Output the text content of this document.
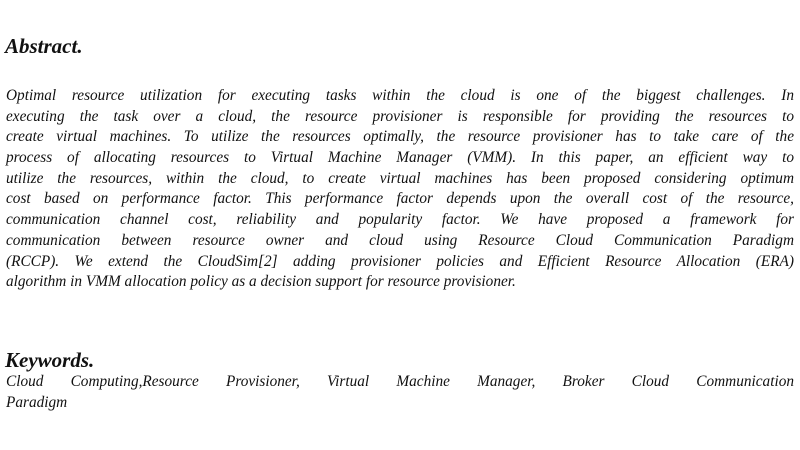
Abstract.
Optimal resource utilization for executing tasks within the cloud is one of the biggest challenges. In
executing the task over a cloud, the resource provisioner is responsible for providing the resources to
create virtual machines. To utilize the resources optimally, the resource provisioner has to take care of the
process of allocating resources to Virtual Machine Manager (VMM). In this paper, an efficient way to
utilize the resources, within the cloud, to create virtual machines has been proposed considering optimum
cost based on performance factor. This performance factor depends upon the overall cost of the resource,
communication channel cost, reliability and popularity factor. We have proposed a framework for
communication between resource owner and cloud using Resource Cloud Communication Paradigm
(RCCP). We extend the CloudSim[2] adding provisioner policies and Efficient Resource Allocation (ERA)
algorithm in VMM allocation policy as a decision support for resource provisioner.
Keywords.
Cloud Computing,Resource Provisioner, Virtual Machine Manager, Broker Cloud Communication
Paradigm
